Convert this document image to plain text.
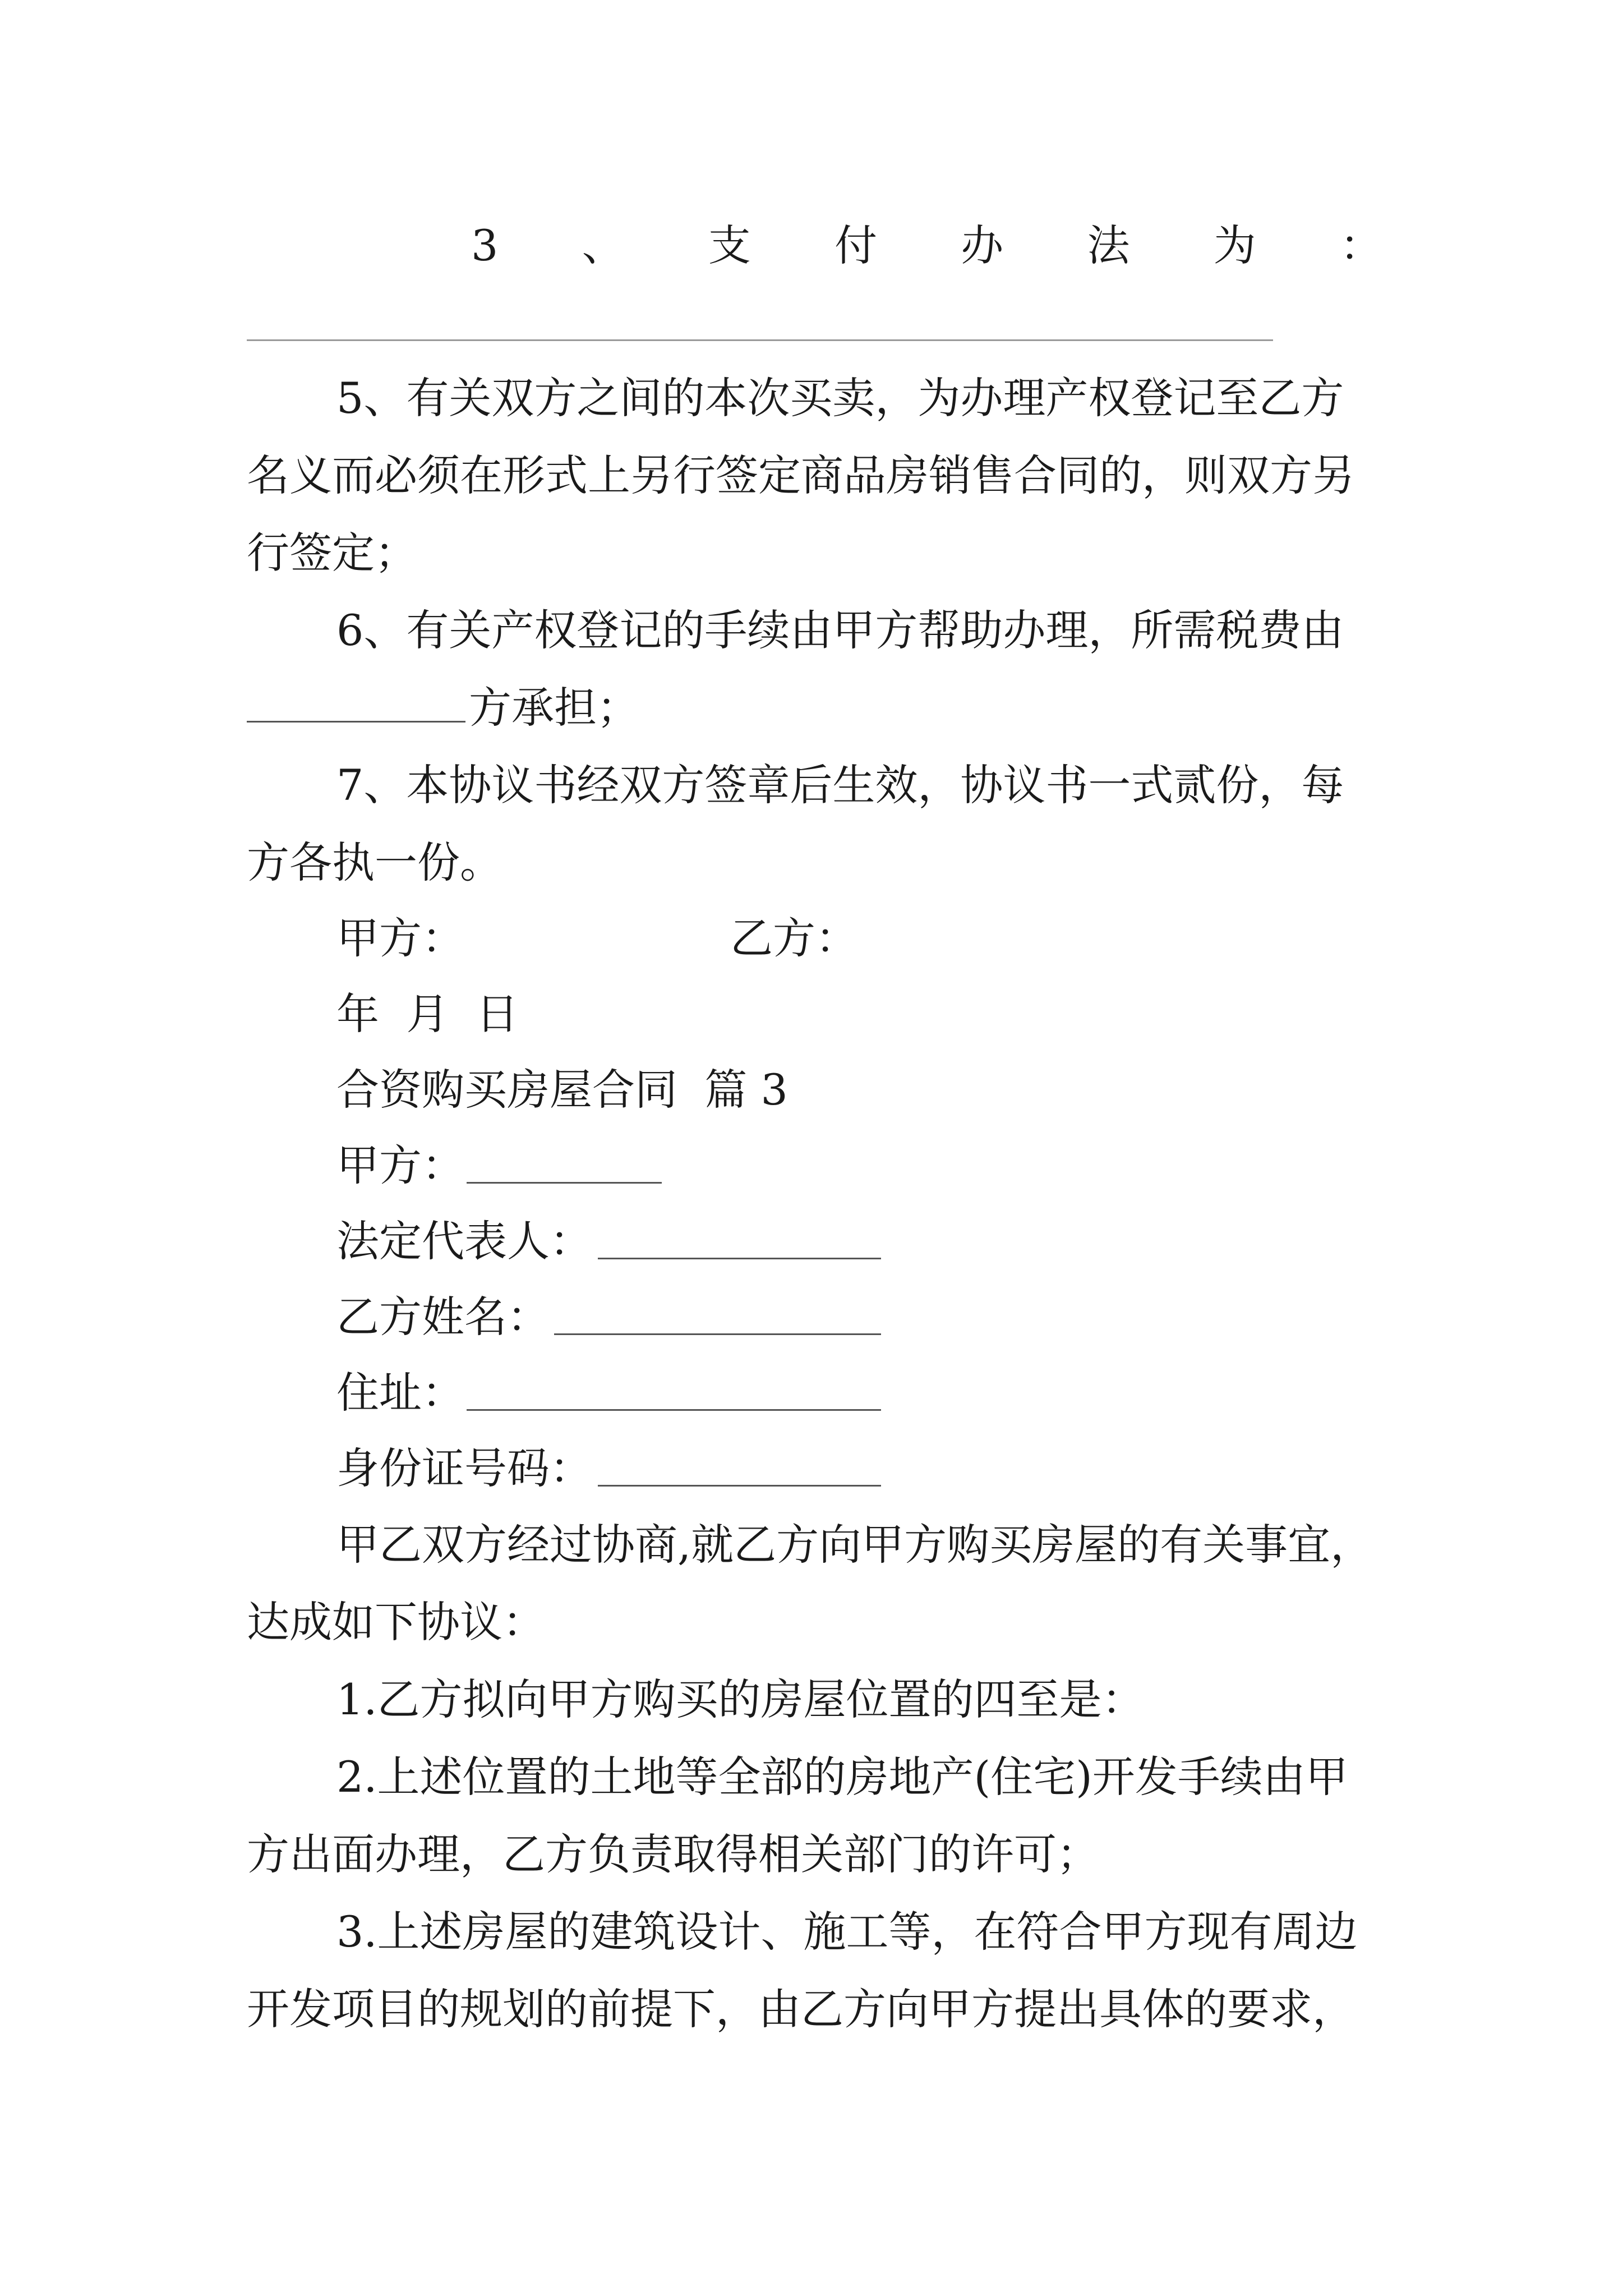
3 、 支 付 办 法 为 ：
5、有关双方之间的本次买卖，为办理产权登记至乙方
名义而必须在形式上另行签定商品房销售合同的，则双方另
行签定；
6、有关产权登记的手续由甲方帮助办理，所需税费由
方承担；
7、本协议书经双方签章后生效，协议书一式贰份，每
方各执一份。
甲方：	乙方：
年  月  日
合资购买房屋合同  篇 3
甲方：
法定代表人：
乙方姓名：
住址：
身份证号码：
甲乙双方经过协商,就乙方向甲方购买房屋的有关事宜，
达成如下协议：
1.乙方拟向甲方购买的房屋位置的四至是：
2.上述位置的土地等全部的房地产(住宅)开发手续由甲
方出面办理，乙方负责取得相关部门的许可；
3.上述房屋的建筑设计、施工等，在符合甲方现有周边
开发项目的规划的前提下，由乙方向甲方提出具体的要求，
